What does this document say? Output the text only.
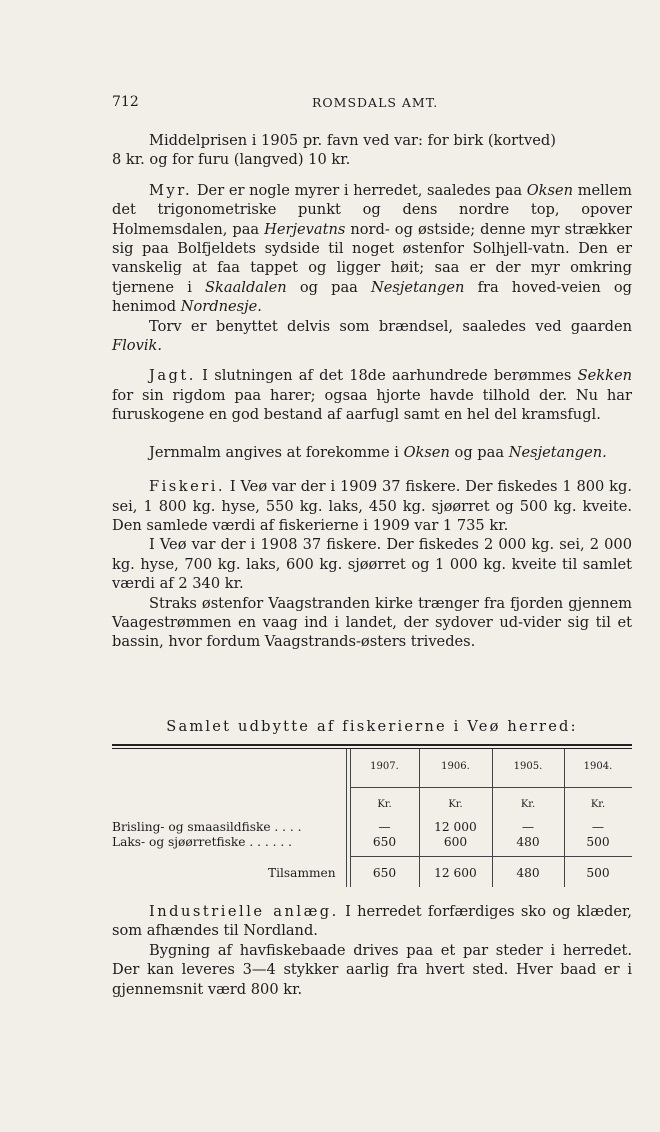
712	ROMSDALS AMT.

Middelprisen i 1905 pr. favn ved var: for birk (kortved)
8 kr. og for furu (langved) 10 kr.

Myr. Der er nogle myrer i herredet, saaledes paa Oksen mellem det trigonometriske punkt og dens nordre top, opover Holmemsdalen, paa Herjevatns nord- og østside; denne myr strækker sig paa Bolfjeldets sydside til noget østenfor Solhjell-vatn. Den er vanskelig at faa tappet og ligger høit; saa er der myr omkring tjernene i Skaaldalen og paa Nesjetangen fra hoved-veien og henimod Nordnesje.

Torv er benyttet delvis som brændsel, saaledes ved gaarden Flovik.

Jagt. I slutningen af det 18de aarhundrede berømmes Sekken for sin rigdom paa harer; ogsaa hjorte havde tilhold der. Nu har furuskogene en god bestand af aarfugl samt en hel del kramsfugl.

Jernmalm angives at forekomme i Oksen og paa Nesjetangen.

Fiskeri. I Veø var der i 1909 37 fiskere. Der fiskedes 1 800 kg. sei, 1 800 kg. hyse, 550 kg. laks, 450 kg. sjøørret og 500 kg. kveite. Den samlede værdi af fiskerierne i 1909 var 1 735 kr.

I Veø var der i 1908 37 fiskere. Der fiskedes 2 000 kg. sei, 2 000 kg. hyse, 700 kg. laks, 600 kg. sjøørret og 1 000 kg. kveite til samlet værdi af 2 340 kr.

Straks østenfor Vaagstranden kirke trænger fra fjorden gjennem Vaagestrømmen en vaag ind i landet, der sydover ud-vider sig til et bassin, hvor fordum Vaagstrands-østers trivedes.

Samlet udbytte af fiskerierne i Veø herred:
1907.	1906.	1905.	1904.
Kr.	Kr.	Kr.	Kr.
Brisling- og smaasildfiske . . . .	—	12 000	—	—
Laks- og sjøørretfiske . . . . . .	650	600	480	500
Tilsammen	650	12 600	480	500

Industrielle anlæg. I herredet forfærdiges sko og klæder, som afhændes til Nordland.

Bygning af havfiskebaade drives paa et par steder i herredet. Der kan leveres 3—4 stykker aarlig fra hvert sted. Hver baad er i gjennemsnit værd 800 kr.
